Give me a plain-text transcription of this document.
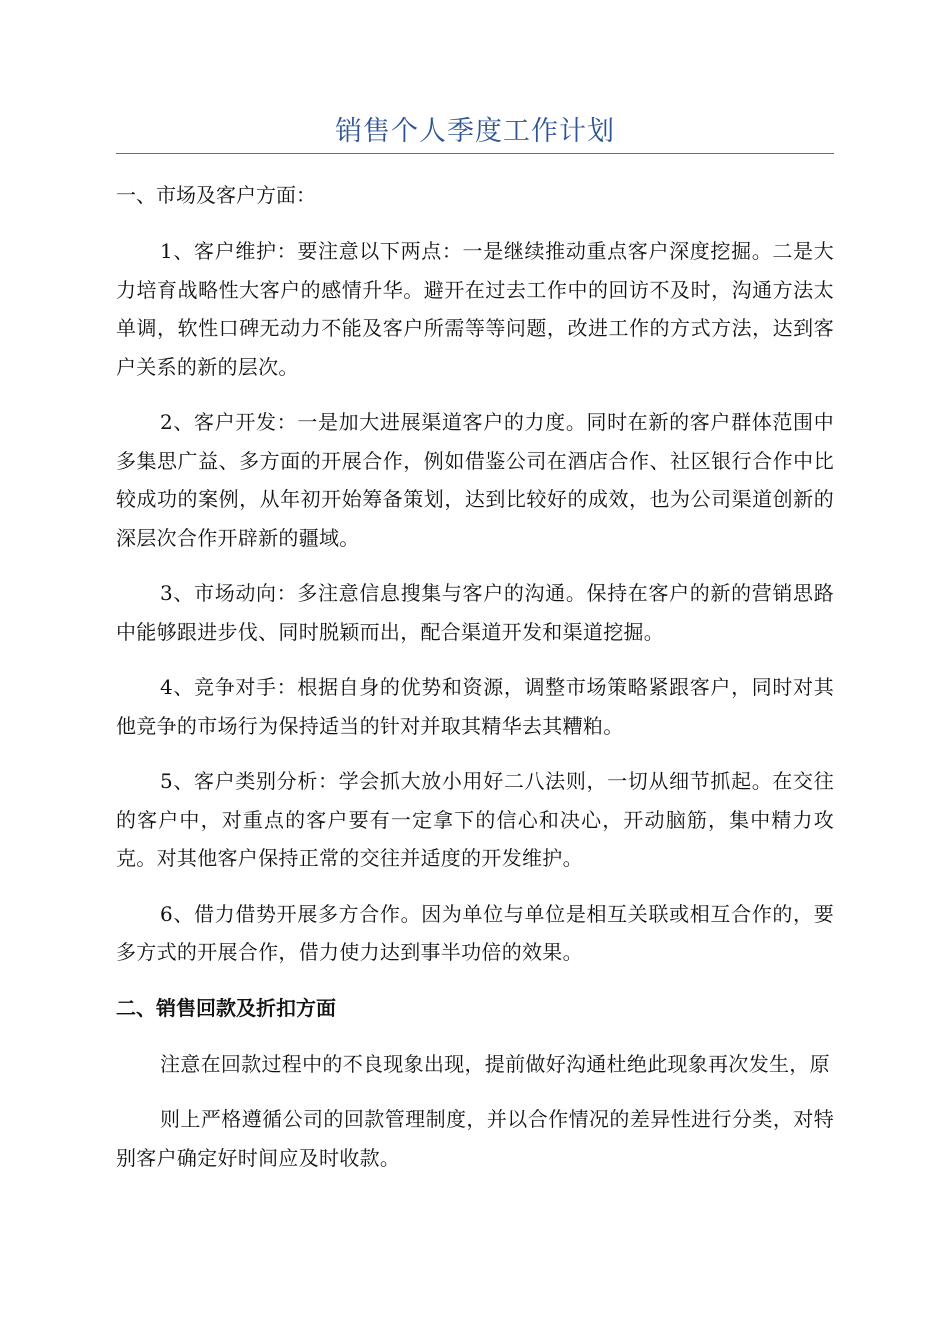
销售个人季度工作计划

一、市场及客户方面：

1、客户维护：要注意以下两点：一是继续推动重点客户深度挖掘。二是大力培育战略性大客户的感情升华。避开在过去工作中的回访不及时，沟通方法太单调，软性口碑无动力不能及客户所需等等问题，改进工作的方式方法，达到客户关系的新的层次。

2、客户开发：一是加大进展渠道客户的力度。同时在新的客户群体范围中多集思广益、多方面的开展合作，例如借鉴公司在酒店合作、社区银行合作中比较成功的案例，从年初开始筹备策划，达到比较好的成效，也为公司渠道创新的深层次合作开辟新的疆域。

3、市场动向：多注意信息搜集与客户的沟通。保持在客户的新的营销思路中能够跟进步伐、同时脱颖而出，配合渠道开发和渠道挖掘。

4、竞争对手：根据自身的优势和资源，调整市场策略紧跟客户，同时对其他竞争的市场行为保持适当的针对并取其精华去其糟粕。

5、客户类别分析：学会抓大放小用好二八法则，一切从细节抓起。在交往的客户中，对重点的客户要有一定拿下的信心和决心，开动脑筋，集中精力攻克。对其他客户保持正常的交往并适度的开发维护。

6、借力借势开展多方合作。因为单位与单位是相互关联或相互合作的，要多方式的开展合作，借力使力达到事半功倍的效果。

二、销售回款及折扣方面

注意在回款过程中的不良现象出现，提前做好沟通杜绝此现象再次发生，原

则上严格遵循公司的回款管理制度，并以合作情况的差异性进行分类，对特别客户确定好时间应及时收款。
